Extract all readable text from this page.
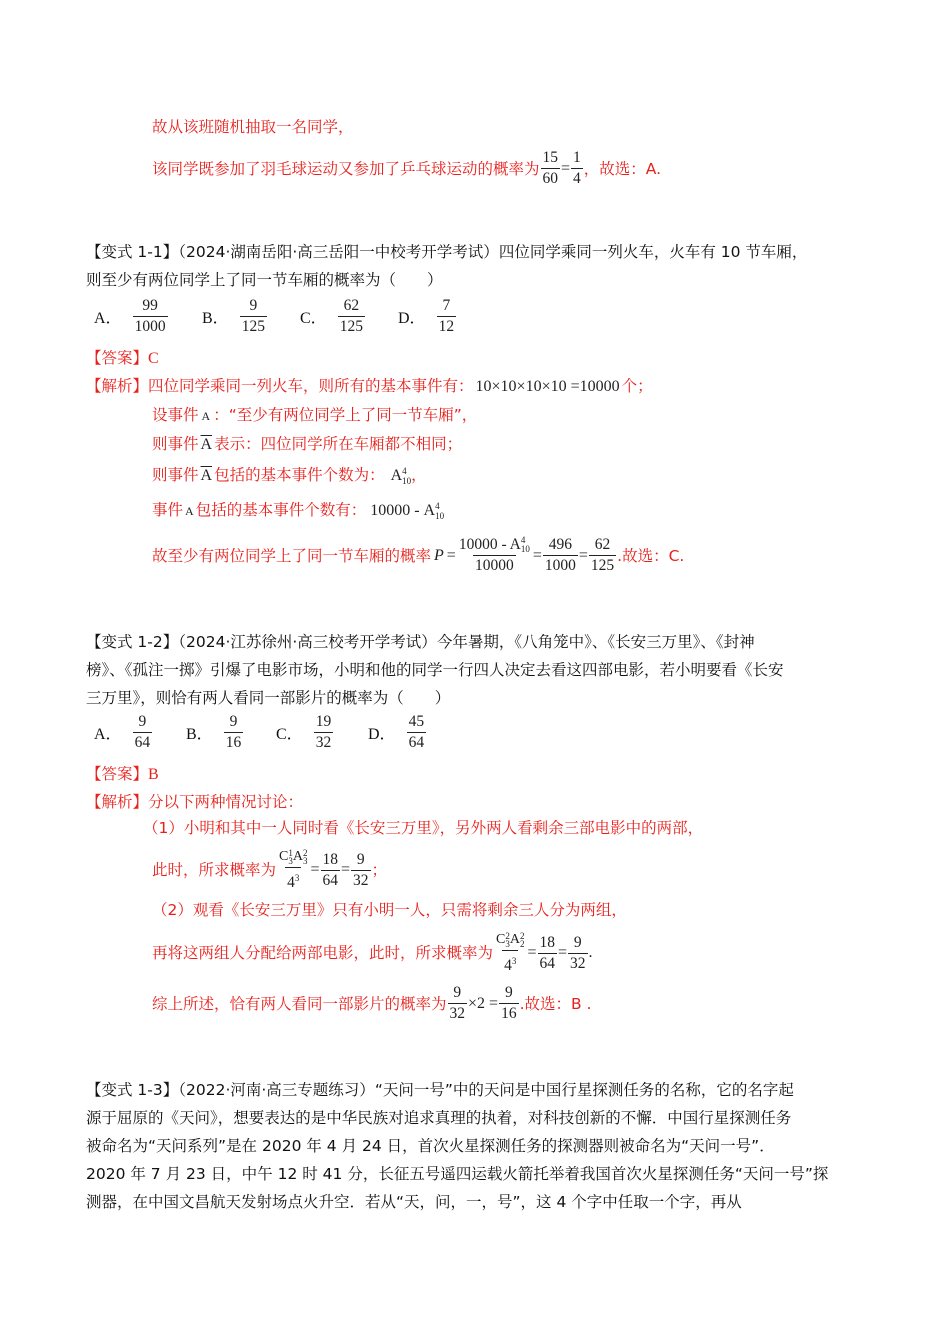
故从该班随机抽取一名同学，
该同学既参加了羽毛球运动又参加了乒乓球运动的概率为 $\frac{15}{60} = \frac{1}{4}$ ，故选：A.
【变式 1-1】（2024·湖南岳阳·高三岳阳一中校考开学考试）四位同学乘同一列火车，火车有 10 节车厢，
则至少有两位同学上了同一节车厢的概率为（　　）
A． $\frac{99}{1000}$ B． $\frac{9}{125}$ C． $\frac{62}{125}$ D． $\frac{7}{12}$
【答案】C
【解析】四位同学乘同一列火车，则所有的基本事件有： 10×10×10×10 =10000 个；
设事件 A ：“至少有两位同学上了同一节车厢”，
则事件 $\overline{A}$ 表示：四位同学所在车厢都不相同；
则事件 $\overline{A}$ 包括的基本事件个数为： A 4
10 ，
事件 A 包括的基本事件个数有： 10000 - A 4
10
故至少有两位同学上了同一节车厢的概率 P = 10000 - A 4
10
$10000 = \frac{496}{1000} = \frac{62}{125}$ .故选：C.
【变式 1-2】（2024·江苏徐州·高三校考开学考试）今年暑期，《八角笼中》、《长安三万里》、《封神
榜》、《孤注一掷》引爆了电影市场，小明和他的同学一行四人决定去看这四部电影，若小明要看《长安
三万里》，则恰有两人看同一部影片的概率为（　　）
A． $\frac{9}{64}$ B． $\frac{9}{16}$ C． $\frac{19}{32}$ D． $\frac{45}{64}$
【答案】B
【解析】分以下两种情况讨论：
（1）小明和其中一人同时看《长安三万里》，另外两人看剩余三部电影中的两部，
此时，所求概率为 C 1
3 A 2
3
$4^3 = \frac{18}{64} = \frac{9}{32}$ ；
（2）观看《长安三万里》只有小明一人，只需将剩余三人分为两组，
再将这两组人分配给两部电影，此时，所求概率为 C 2
3 A 2
2
$4^3 = \frac{18}{64} = \frac{9}{32}$ .
综上所述，恰有两人看同一部影片的概率为 $\frac{9}{32} \times 2 = \frac{9}{16}$ .故选：B .
【变式 1-3】（2022·河南·高三专题练习）“天问一号”中的天问是中国行星探测任务的名称，它的名字起
源于屈原的《天问》，想要表达的是中华民族对追求真理的执着，对科技创新的不懈．中国行星探测任务
被命名为“天问系列”是在 2020 年 4 月 24 日，首次火星探测任务的探测器则被命名为“天问一号”．
2020 年 7 月 23 日，中午 12 时 41 分，长征五号遥四运载火箭托举着我国首次火星探测任务“天问一号”探
测器，在中国文昌航天发射场点火升空．若从“天，问，一，号”，这 4 个字中任取一个字，再从
